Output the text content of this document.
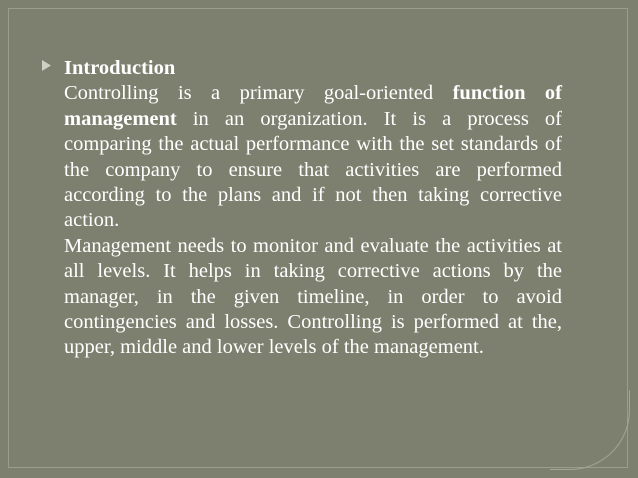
Introduction

Controlling is a primary goal-oriented function of management in an organization. It is a process of comparing the actual performance with the set standards of the company to ensure that activities are performed according to the plans and if not then taking corrective action.

Management needs to monitor and evaluate the activities at all levels. It helps in taking corrective actions by the manager, in the given timeline, in order to avoid contingencies and losses. Controlling is performed at the, upper, middle and lower levels of the management.
